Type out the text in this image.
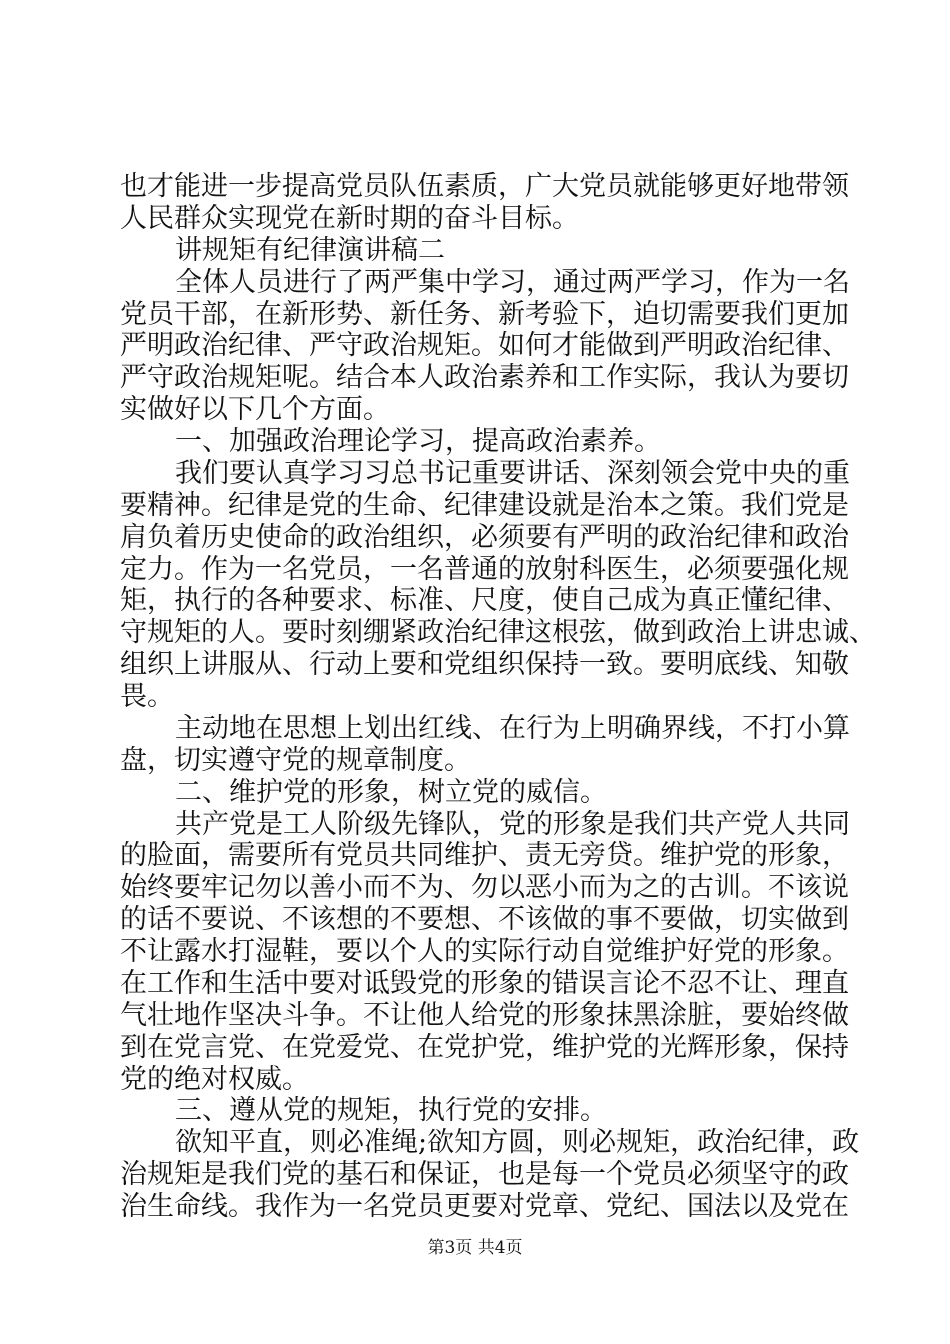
也才能进一步提高党员队伍素质，广大党员就能够更好地带领
人民群众实现党在新时期的奋斗目标。
讲规矩有纪律演讲稿二
全体人员进行了两严集中学习，通过两严学习，作为一名
党员干部，在新形势、新任务、新考验下，迫切需要我们更加
严明政治纪律、严守政治规矩。如何才能做到严明政治纪律、
严守政治规矩呢。结合本人政治素养和工作实际，我认为要切
实做好以下几个方面。
一、加强政治理论学习，提高政治素养。
我们要认真学习习总书记重要讲话、深刻领会党中央的重
要精神。纪律是党的生命、纪律建设就是治本之策。我们党是
肩负着历史使命的政治组织，必须要有严明的政治纪律和政治
定力。作为一名党员，一名普通的放射科医生，必须要强化规
矩，执行的各种要求、标准、尺度，使自己成为真正懂纪律、
守规矩的人。要时刻绷紧政治纪律这根弦，做到政治上讲忠诚、
组织上讲服从、行动上要和党组织保持一致。要明底线、知敬
畏。
主动地在思想上划出红线、在行为上明确界线，不打小算
盘，切实遵守党的规章制度。
二、维护党的形象，树立党的威信。
共产党是工人阶级先锋队，党的形象是我们共产党人共同
的脸面，需要所有党员共同维护、责无旁贷。维护党的形象，
始终要牢记勿以善小而不为、勿以恶小而为之的古训。不该说
的话不要说、不该想的不要想、不该做的事不要做，切实做到
不让露水打湿鞋，要以个人的实际行动自觉维护好党的形象。
在工作和生活中要对诋毁党的形象的错误言论不忍不让、理直
气壮地作坚决斗争。不让他人给党的形象抹黑涂脏，要始终做
到在党言党、在党爱党、在党护党，维护党的光辉形象，保持
党的绝对权威。
三、遵从党的规矩，执行党的安排。
欲知平直，则必准绳;欲知方圆，则必规矩，政治纪律，政
治规矩是我们党的基石和保证，也是每一个党员必须坚守的政
治生命线。我作为一名党员更要对党章、党纪、国法以及党在
第3页 共4页
